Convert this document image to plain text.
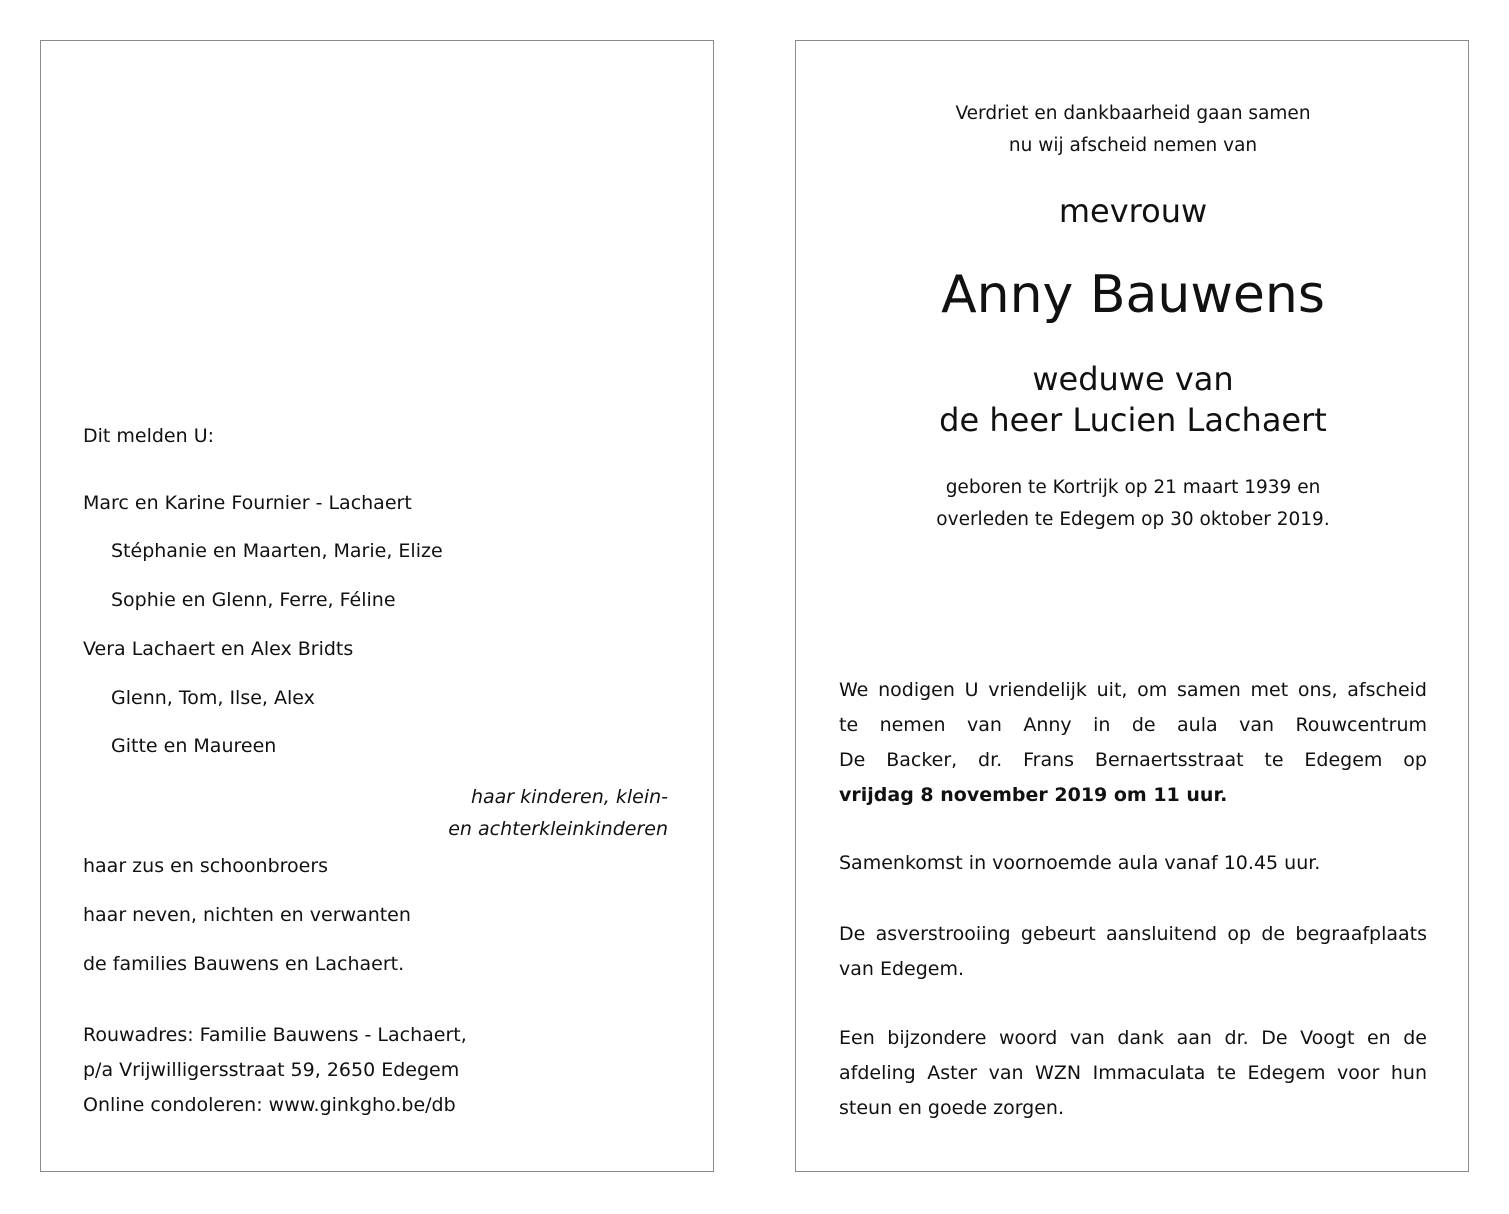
Dit melden U:
Marc en Karine Fournier - Lachaert
Stéphanie en Maarten, Marie, Elize
Sophie en Glenn, Ferre, Féline
Vera Lachaert en Alex Bridts
Glenn, Tom, Ilse, Alex
Gitte en Maureen
haar kinderen, klein-
en achterkleinkinderen
haar zus en schoonbroers
haar neven, nichten en verwanten
de families Bauwens en Lachaert.
Rouwadres: Familie Bauwens - Lachaert,
p/a Vrijwilligersstraat 59, 2650 Edegem
Online condoleren: www.ginkgho.be/db
Verdriet en dankbaarheid gaan samen
nu wij afscheid nemen van
mevrouw
Anny Bauwens
weduwe van
de heer Lucien Lachaert
geboren te Kortrijk op 21 maart 1939 en
overleden te Edegem op 30 oktober 2019.
We nodigen U vriendelijk uit, om samen met ons, afscheid
te nemen van Anny in de aula van Rouwcentrum
De Backer, dr. Frans Bernaertsstraat te Edegem op
vrijdag 8 november 2019 om 11 uur.
Samenkomst in voornoemde aula vanaf 10.45 uur.
De asverstrooiing gebeurt aansluitend op de begraafplaats
van Edegem.
Een bijzondere woord van dank aan dr. De Voogt en de
afdeling Aster van WZN Immaculata te Edegem voor hun
steun en goede zorgen.
